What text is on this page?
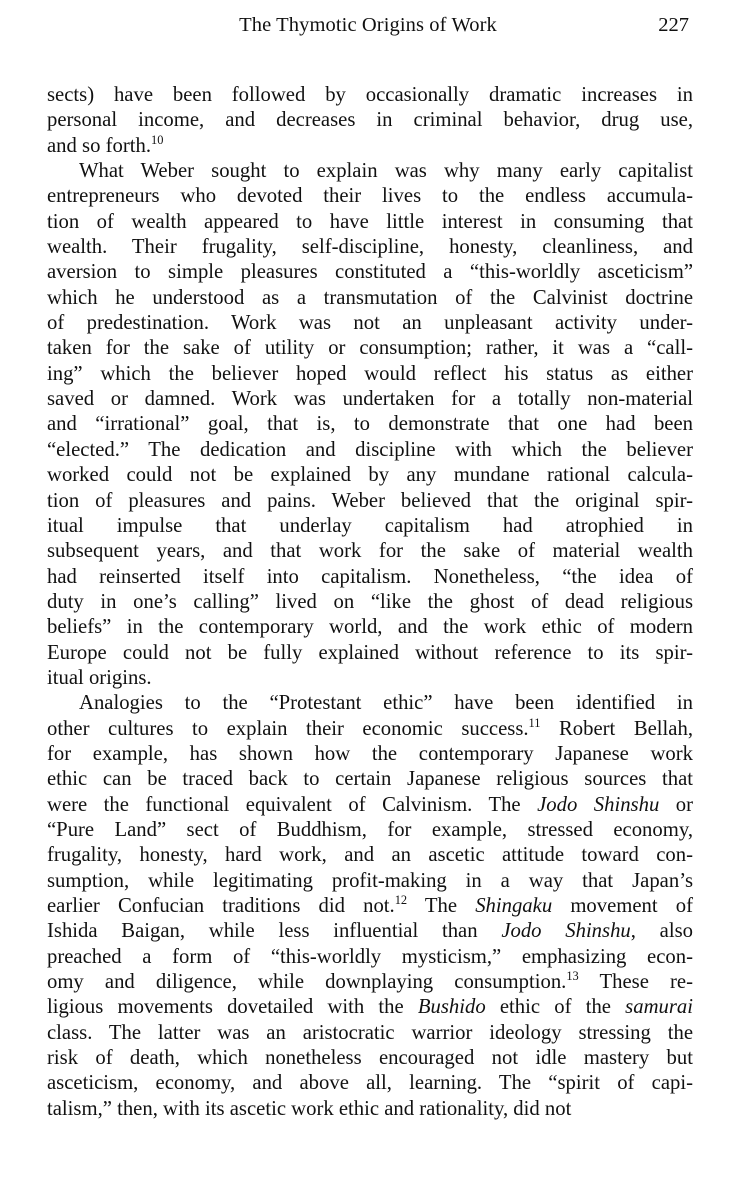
The Thymotic Origins of Work	227
sects) have been followed by occasionally dramatic increases in
personal income, and decreases in criminal behavior, drug use,
and so forth.$^{10}$
What Weber sought to explain was why many early capitalist
entrepreneurs who devoted their lives to the endless accumula-
tion of wealth appeared to have little interest in consuming that
wealth. Their frugality, self-discipline, honesty, cleanliness, and
aversion to simple pleasures constituted a “this-worldly asceticism”
which he understood as a transmutation of the Calvinist doctrine
of predestination. Work was not an unpleasant activity under-
taken for the sake of utility or consumption; rather, it was a “call-
ing” which the believer hoped would reflect his status as either
saved or damned. Work was undertaken for a totally non-material
and “irrational” goal, that is, to demonstrate that one had been
“elected.” The dedication and discipline with which the believer
worked could not be explained by any mundane rational calcula-
tion of pleasures and pains. Weber believed that the original spir-
itual impulse that underlay capitalism had atrophied in
subsequent years, and that work for the sake of material wealth
had reinserted itself into capitalism. Nonetheless, “the idea of
duty in one’s calling” lived on “like the ghost of dead religious
beliefs” in the contemporary world, and the work ethic of modern
Europe could not be fully explained without reference to its spir-
itual origins.
Analogies to the “Protestant ethic” have been identified in
other cultures to explain their economic success.$^{11}$ Robert Bellah,
for example, has shown how the contemporary Japanese work
ethic can be traced back to certain Japanese religious sources that
were the functional equivalent of Calvinism. The Jodo Shinshu or
“Pure Land” sect of Buddhism, for example, stressed economy,
frugality, honesty, hard work, and an ascetic attitude toward con-
sumption, while legitimating profit-making in a way that Japan’s
earlier Confucian traditions did not.$^{12}$ The Shingaku movement of
Ishida Baigan, while less influential than Jodo Shinshu, also
preached a form of “this-worldly mysticism,” emphasizing econ-
omy and diligence, while downplaying consumption.$^{13}$ These re-
ligious movements dovetailed with the Bushido ethic of the samurai
class. The latter was an aristocratic warrior ideology stressing the
risk of death, which nonetheless encouraged not idle mastery but
asceticism, economy, and above all, learning. The “spirit of capi-
talism,” then, with its ascetic work ethic and rationality, did not
